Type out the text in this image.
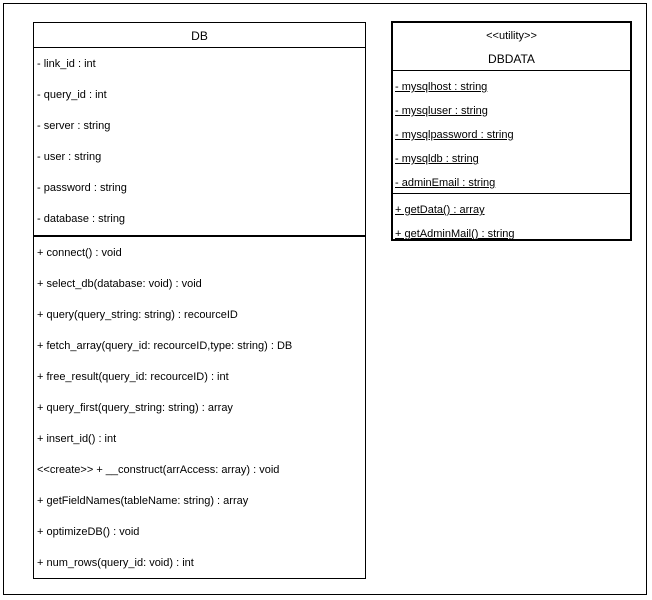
DB
- link_id : int
- query_id : int
- server : string
- user : string
- password : string
- database : string
+ connect() : void
+ select_db(database: void) : void
+ query(query_string: string) : recourceID
+ fetch_array(query_id: recourceID,type: string) : DB
+ free_result(query_id: recourceID) : int
+ query_first(query_string: string) : array
+ insert_id() : int
<<create>> + __construct(arrAccess: array) : void
+ getFieldNames(tableName: string) : array
+ optimizeDB() : void
+ num_rows(query_id: void) : int
<<utility>>
DBDATA
- mysqlhost : string
- mysqluser : string
- mysqlpassword : string
- mysqldb : string
- adminEmail : string
+ getData() : array
+ getAdminMail() : string
